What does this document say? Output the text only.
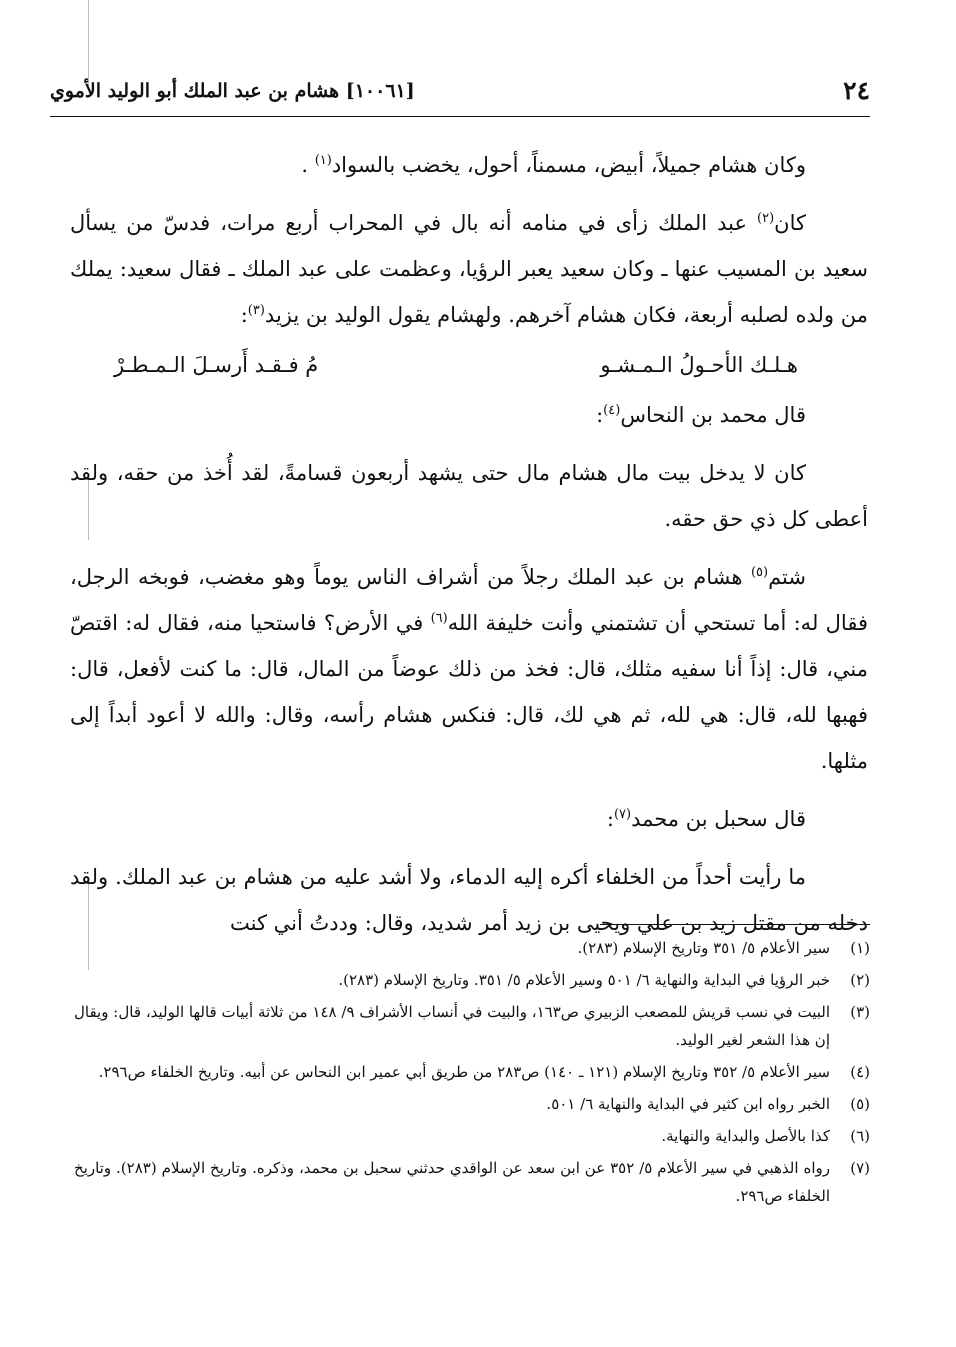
٢٤
[١٠٠٦١] هشام بن عبد الملك أبو الوليد الأموي

وكان هشام جميلاً، أبيض، مسمناً، أحول، يخضب بالسواد$^{(١)}$ .

كان$^{(٢)}$ عبد الملك زأى في منامه أنه بال في المحراب أربع مرات، فدسّ من يسأل سعيد بن المسيب عنها ـ وكان سعيد يعبر الرؤيا، وعظمت على عبد الملك ـ فقال سعيد: يملك من ولده لصلبه أربعة، فكان هشام آخرهم. ولهشام يقول الوليد بن يزيد$^{(٣)}$:

هـلـك الأحـولُ الـمـشـو
مُ فـقـد أَرسـلَ الـمـطـرْ

قال محمد بن النحاس$^{(٤)}$:

كان لا يدخل بيت مال هشام مال حتى يشهد أربعون قسامةً، لقد أُخذ من حقه، ولقد أعطى كل ذي حق حقه.

شتم$^{(٥)}$ هشام بن عبد الملك رجلاً من أشراف الناس يوماً وهو مغضب، فوبخه الرجل، فقال له: أما تستحي أن تشتمني وأنت خليفة الله$^{(٦)}$ في الأرض؟ فاستحيا منه، فقال له: اقتصّ مني، قال: إذاً أنا سفيه مثلك، قال: فخذ من ذلك عوضاً من المال، قال: ما كنت لأفعل، قال: فهبها لله، قال: هي لله، ثم هي لك، قال: فنكس هشام رأسه، وقال: والله لا أعود أبداً إلى مثلها.

قال سحبل بن محمد$^{(٧)}$:

ما رأيت أحداً من الخلفاء أكره إليه الدماء، ولا أشد عليه من هشام بن عبد الملك. ولقد دخله من مقتل زيد بن علي ويحيى بن زيد أمر شديد، وقال: وددتُ أني كنت

(١)
سير الأعلام ٥/ ٣٥١ وتاريخ الإسلام (٢٨٣).
(٢)
خبر الرؤيا في البداية والنهاية ٦/ ٥٠١ وسير الأعلام ٥/ ٣٥١. وتاريخ الإسلام (٢٨٣).
(٣)
البيت في نسب قريش للمصعب الزبيري ص١٦٣، والبيت في أنساب الأشراف ٩/ ١٤٨ من ثلاثة أبيات قالها الوليد، قال: ويقال إن هذا الشعر لغير الوليد.
(٤)
سير الأعلام ٥/ ٣٥٢ وتاريخ الإسلام (١٢١ ـ ١٤٠) ص٢٨٣ من طريق أبي عمير ابن النحاس عن أبيه. وتاريخ الخلفاء ص٢٩٦.
(٥)
الخبر رواه ابن كثير في البداية والنهاية ٦/ ٥٠١.
(٦)
كذا بالأصل والبداية والنهاية.
(٧)
رواه الذهبي في سير الأعلام ٥/ ٣٥٢ عن ابن سعد عن الواقدي حدثني سحبل بن محمد، وذكره. وتاريخ الإسلام (٢٨٣). وتاريخ الخلفاء ص٢٩٦.
